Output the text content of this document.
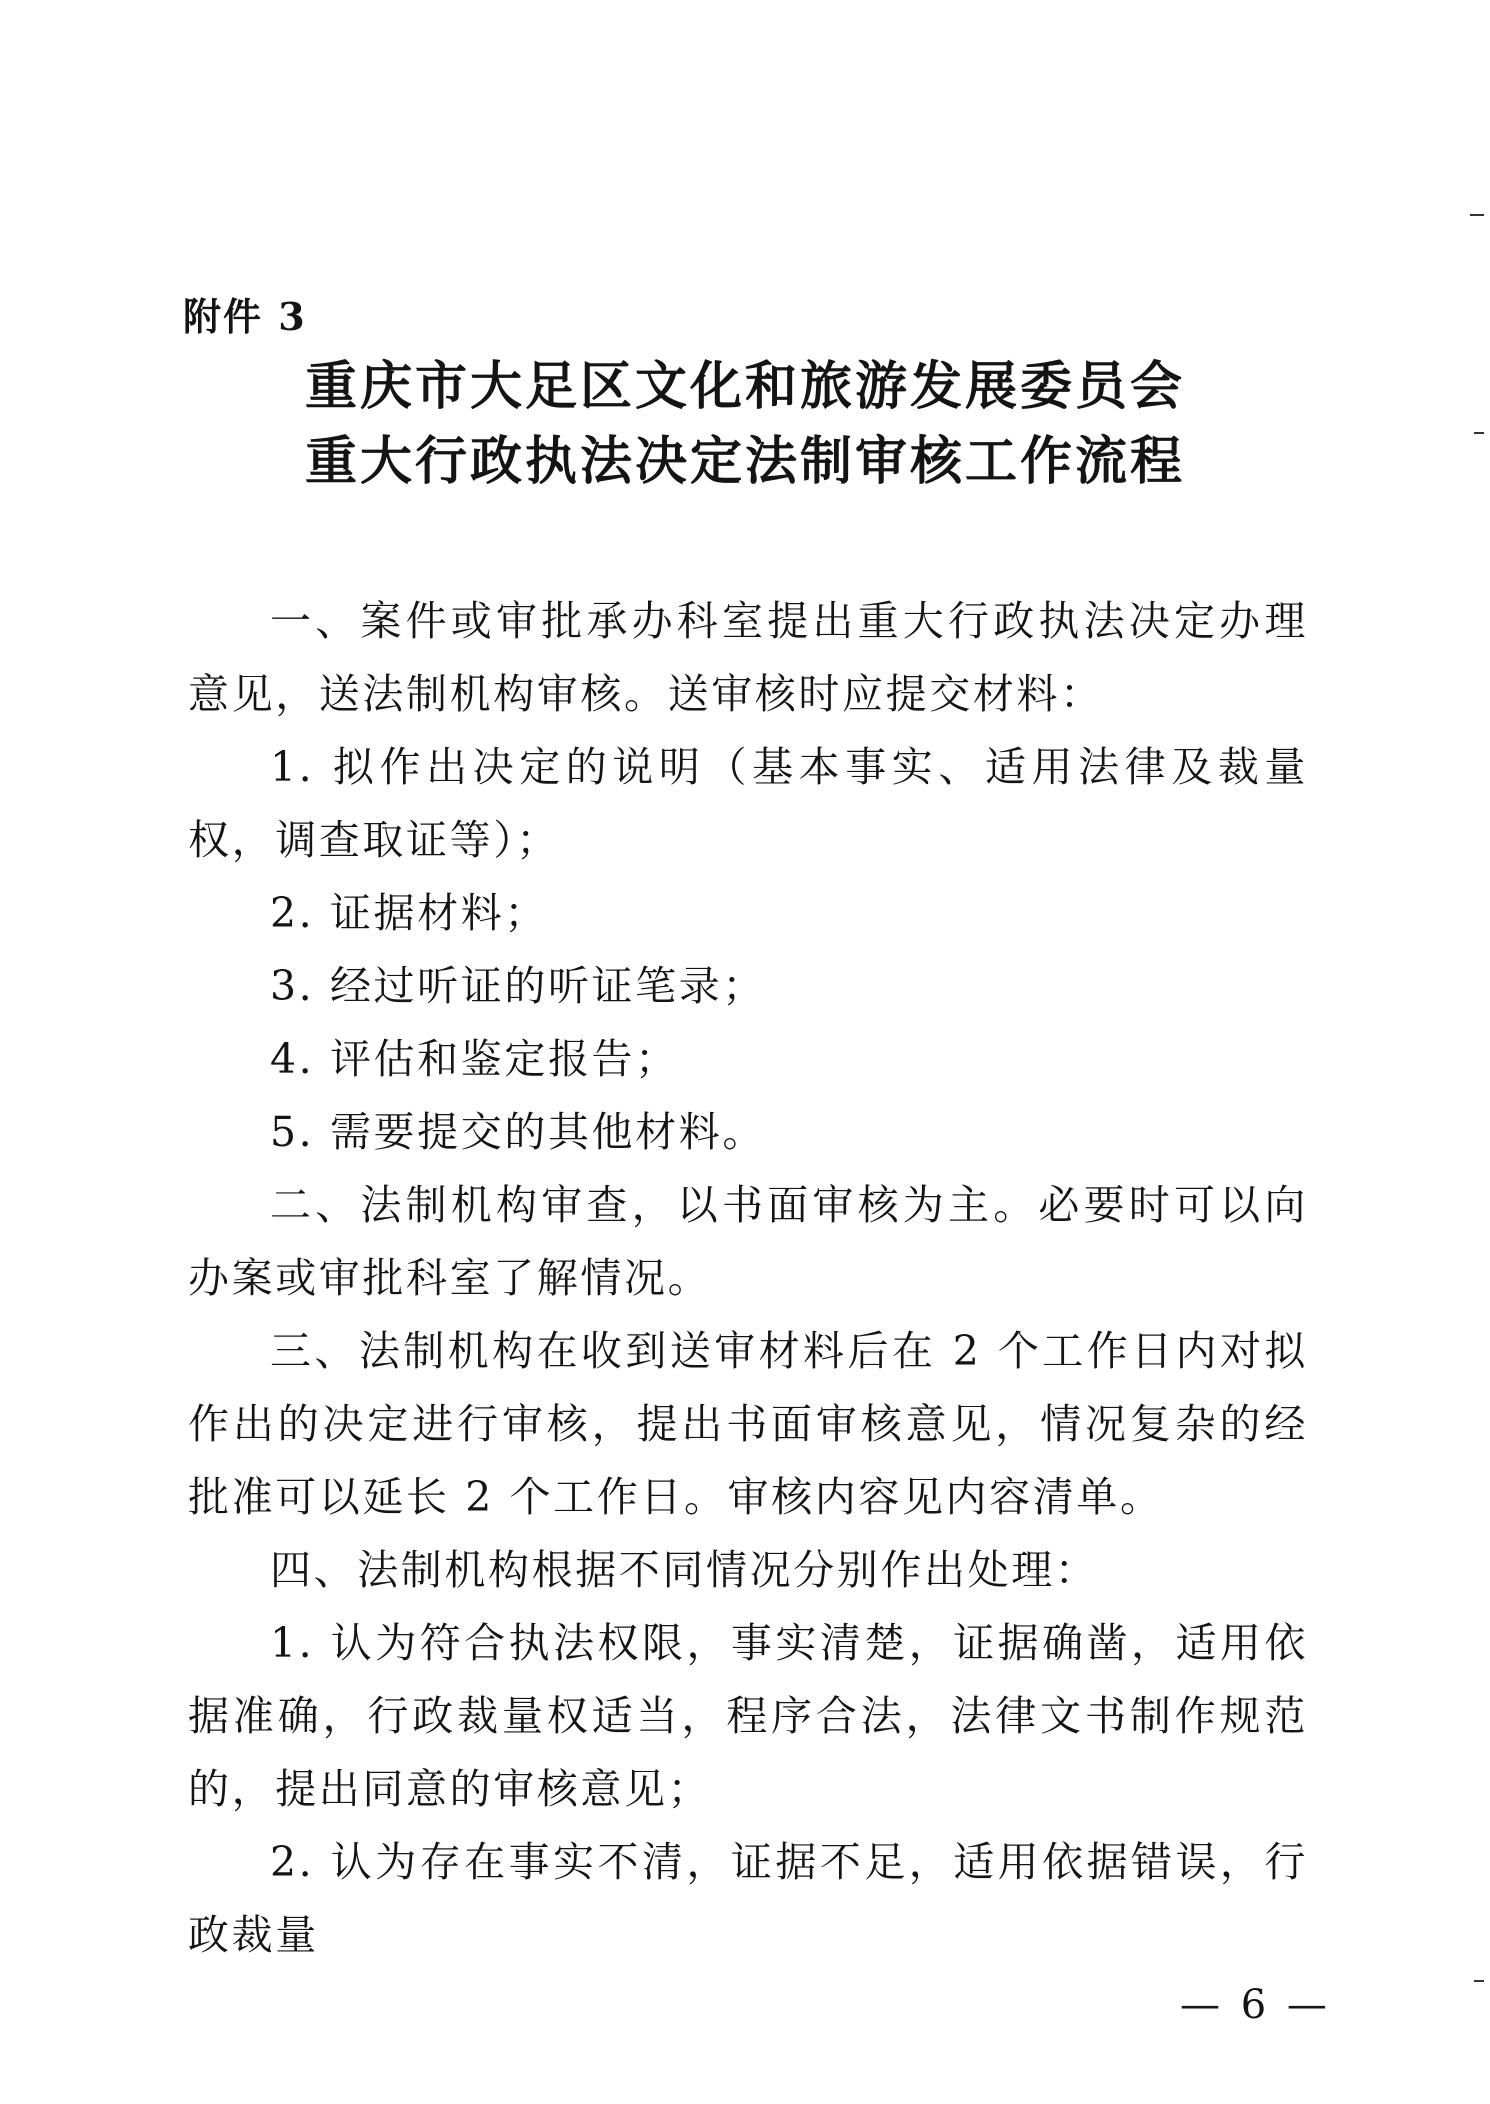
附件 3
重庆市大足区文化和旅游发展委员会
重大行政执法决定法制审核工作流程

一、案件或审批承办科室提出重大行政执法决定办理意见，送法制机构审核。送审核时应提交材料：

1. 拟作出决定的说明（基本事实、适用法律及裁量权，调查取证等）；

2. 证据材料；

3. 经过听证的听证笔录；

4. 评估和鉴定报告；

5. 需要提交的其他材料。

二、法制机构审查，以书面审核为主。必要时可以向办案或审批科室了解情况。

三、法制机构在收到送审材料后在 2 个工作日内对拟作出的决定进行审核，提出书面审核意见，情况复杂的经批准可以延长 2 个工作日。审核内容见内容清单。

四、法制机构根据不同情况分别作出处理：

1. 认为符合执法权限，事实清楚，证据确凿，适用依据准确，行政裁量权适当，程序合法，法律文书制作规范的，提出同意的审核意见；

2. 认为存在事实不清，证据不足，适用依据错误，行政裁量

— 6 —
